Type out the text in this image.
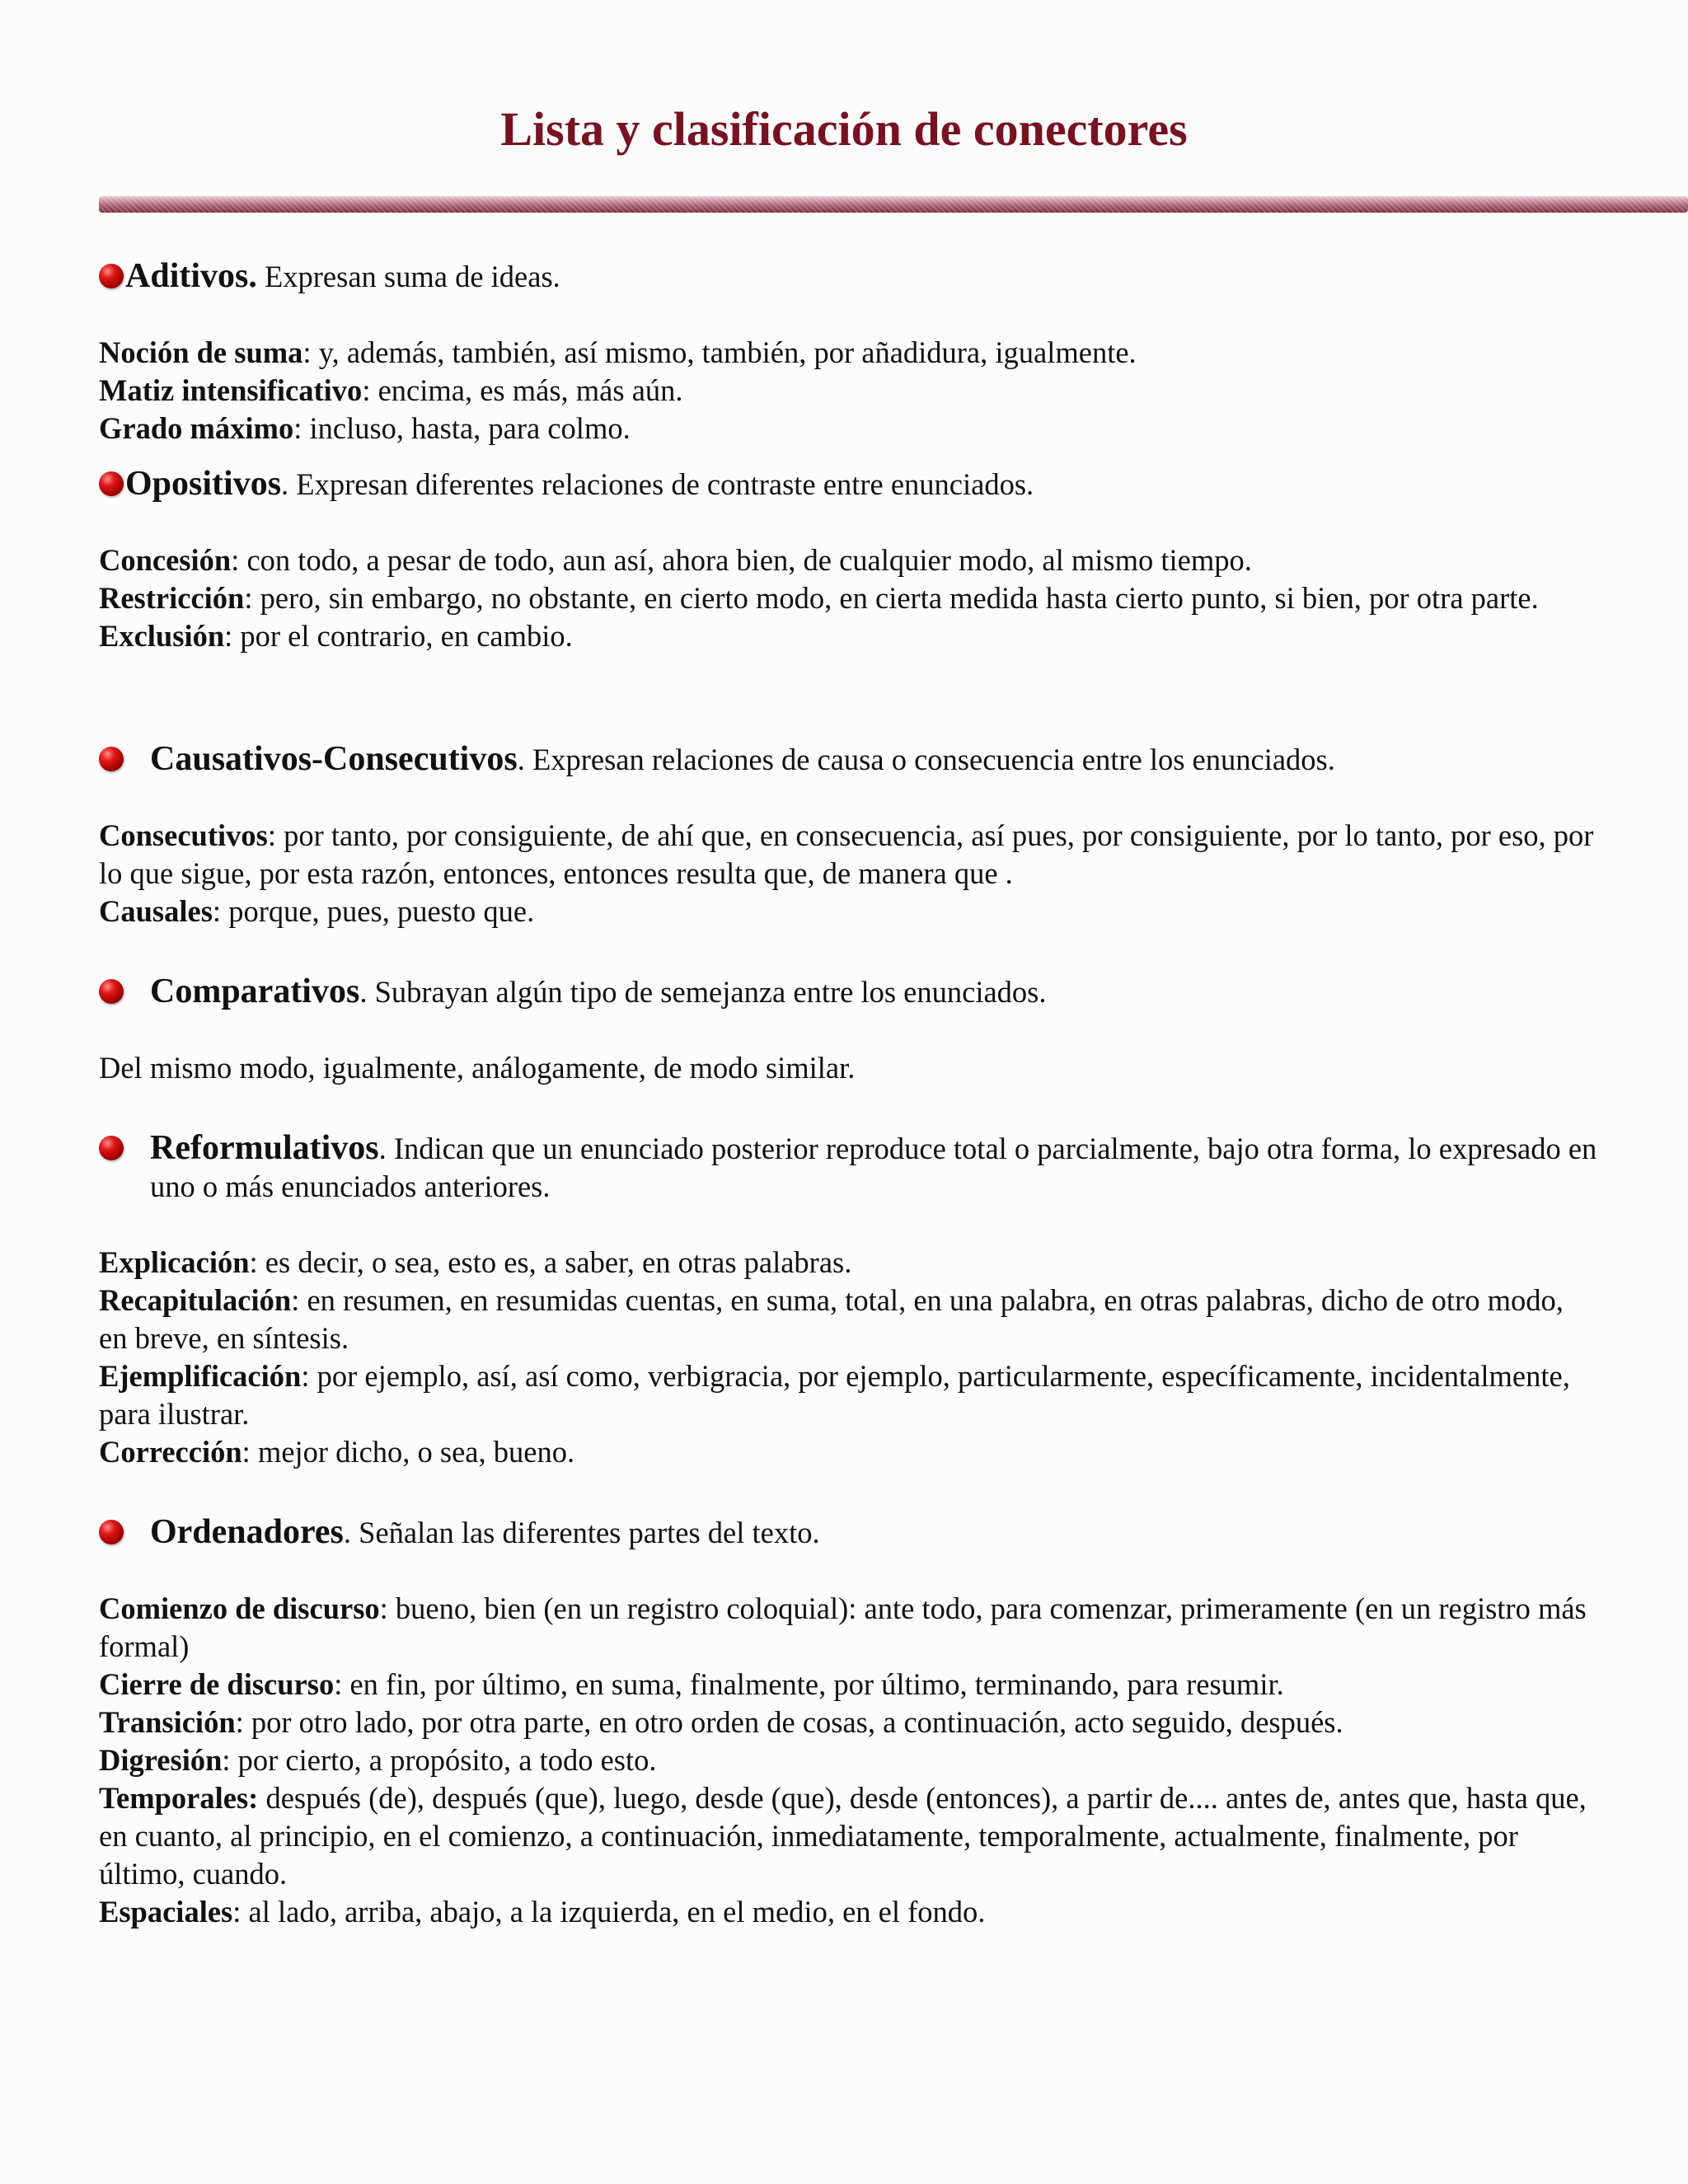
Lista y clasificación de conectores
Aditivos. Expresan suma de ideas.
Noción de suma: y, además, también, así mismo, también, por añadidura, igualmente.
Matiz intensificativo: encima, es más, más aún.
Grado máximo: incluso, hasta, para colmo.
Opositivos. Expresan diferentes relaciones de contraste entre enunciados.
Concesión: con todo, a pesar de todo, aun así, ahora bien, de cualquier modo, al mismo tiempo.
Restricción: pero, sin embargo, no obstante, en cierto modo, en cierta medida hasta cierto punto, si bien, por otra parte.
Exclusión: por el contrario, en cambio.
Causativos-Consecutivos. Expresan relaciones de causa o consecuencia entre los enunciados.
Consecutivos: por tanto, por consiguiente, de ahí que, en consecuencia, así pues, por consiguiente, por lo tanto, por eso, por lo que sigue, por esta razón, entonces, entonces resulta que, de manera que .
Causales: porque, pues, puesto que.
Comparativos. Subrayan algún tipo de semejanza entre los enunciados.
Del mismo modo, igualmente, análogamente, de modo similar.
Reformulativos. Indican que un enunciado posterior reproduce total o parcialmente, bajo otra forma, lo expresado en uno o más enunciados anteriores.
Explicación: es decir, o sea, esto es, a saber, en otras palabras.
Recapitulación: en resumen, en resumidas cuentas, en suma, total, en una palabra, en otras palabras, dicho de otro modo, en breve, en síntesis.
Ejemplificación: por ejemplo, así, así como, verbigracia, por ejemplo, particularmente, específicamente, incidentalmente, para ilustrar.
Corrección: mejor dicho, o sea, bueno.
Ordenadores. Señalan las diferentes partes del texto.
Comienzo de discurso: bueno, bien (en un registro coloquial): ante todo, para comenzar, primeramente (en un registro más formal)
Cierre de discurso: en fin, por último, en suma, finalmente, por último, terminando, para resumir.
Transición: por otro lado, por otra parte, en otro orden de cosas, a continuación, acto seguido, después.
Digresión: por cierto, a propósito, a todo esto.
Temporales: después (de), después (que), luego, desde (que), desde (entonces), a partir de.... antes de, antes que, hasta que, en cuanto, al principio, en el comienzo, a continuación, inmediatamente, temporalmente, actualmente, finalmente, por último, cuando.
Espaciales: al lado, arriba, abajo, a la izquierda, en el medio, en el fondo.
